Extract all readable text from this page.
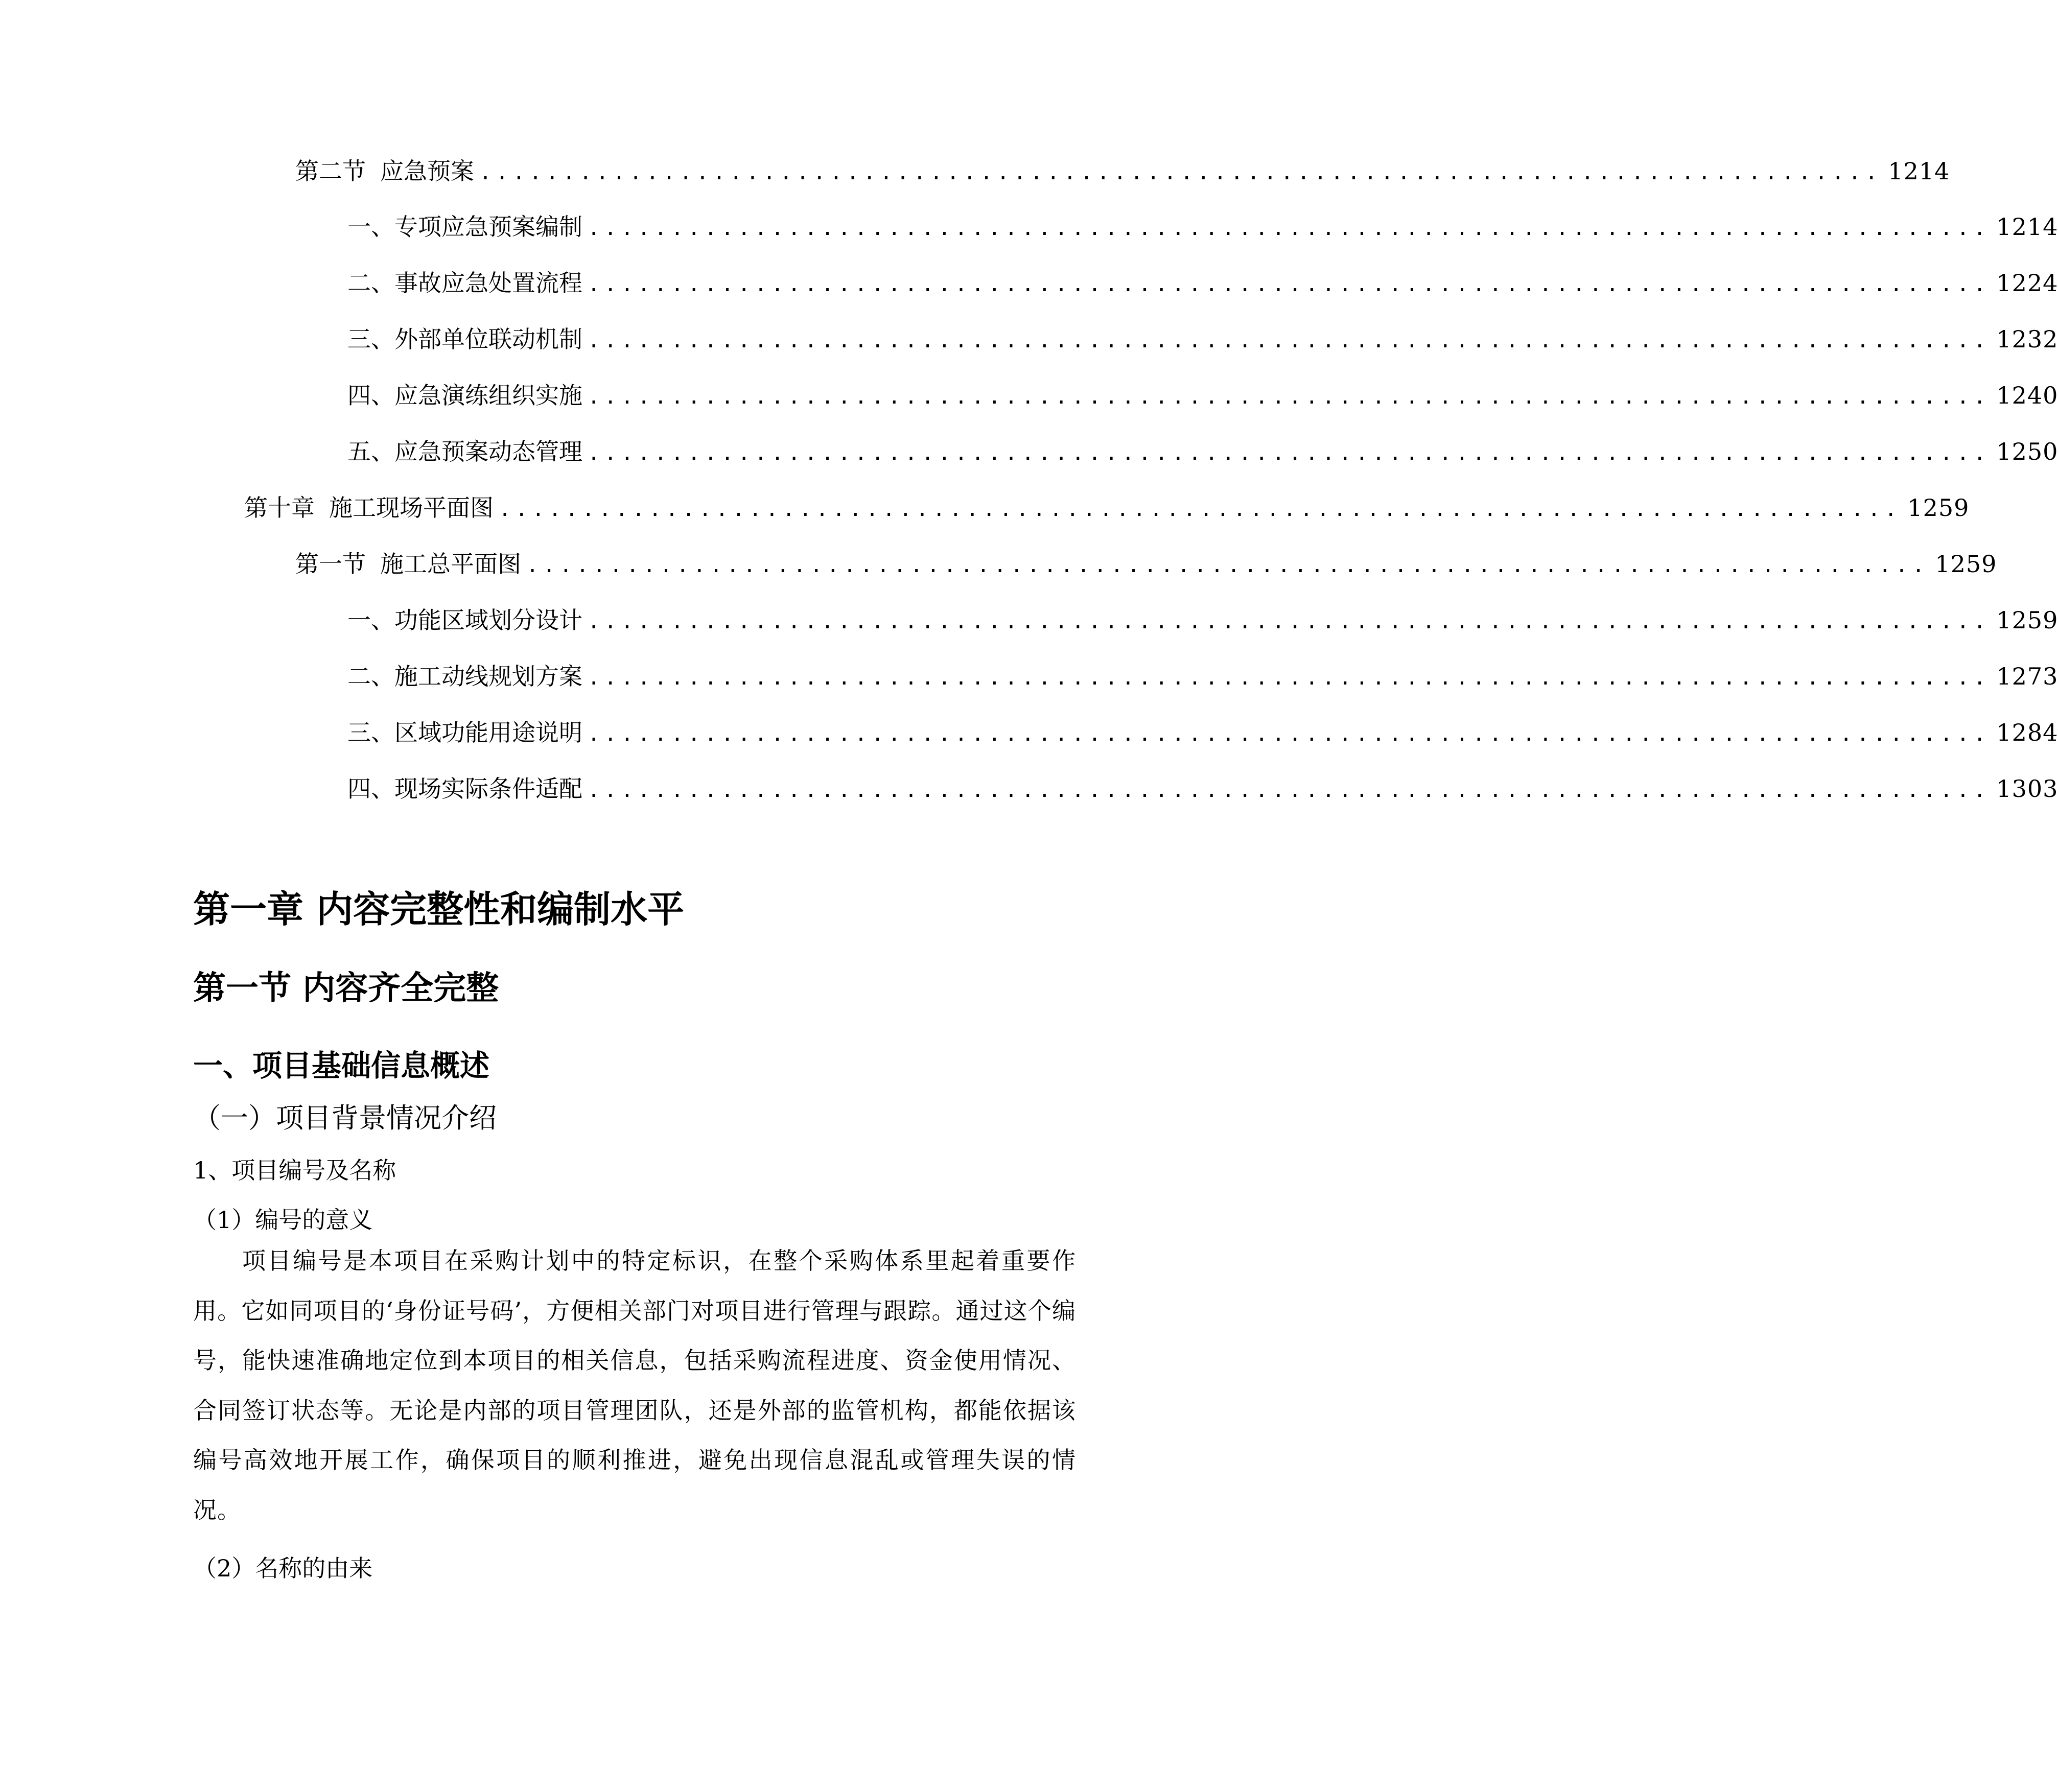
第二节 应急预案 .................................................................................... 1214
一、 专项应急预案编制 .................................................................................... 1214
二、 事故应急处置流程 .................................................................................... 1224
三、 外部单位联动机制 .................................................................................... 1232
四、 应急演练组织实施 .................................................................................... 1240
五、 应急预案动态管理 .................................................................................... 1250
第十章 施工现场平面图 .................................................................................... 1259
第一节 施工总平面图 .................................................................................... 1259
一、 功能区域划分设计 .................................................................................... 1259
二、 施工动线规划方案 .................................................................................... 1273
三、 区域功能用途说明 .................................................................................... 1284
四、 现场实际条件适配 .................................................................................... 1303
第一章 内容完整性和编制水平
第一节 内容齐全完整
一、项目基础信息概述
（一）项目背景情况介绍
1、项目编号及名称
（1）编号的意义

项目编号是本项目在采购计划中的特定标识，在整个采购体系里起着重要作用。它如同项目的‘身份证号码’，方便相关部门对项目进行管理与跟踪。通过这个编号，能快速准确地定位到本项目的相关信息，包括采购流程进度、资金使用情况、合同签订状态等。无论是内部的项目管理团队，还是外部的监管机构，都能依据该编号高效地开展工作，确保项目的顺利推进，避免出现信息混乱或管理失误的情况。

（2）名称的由来
